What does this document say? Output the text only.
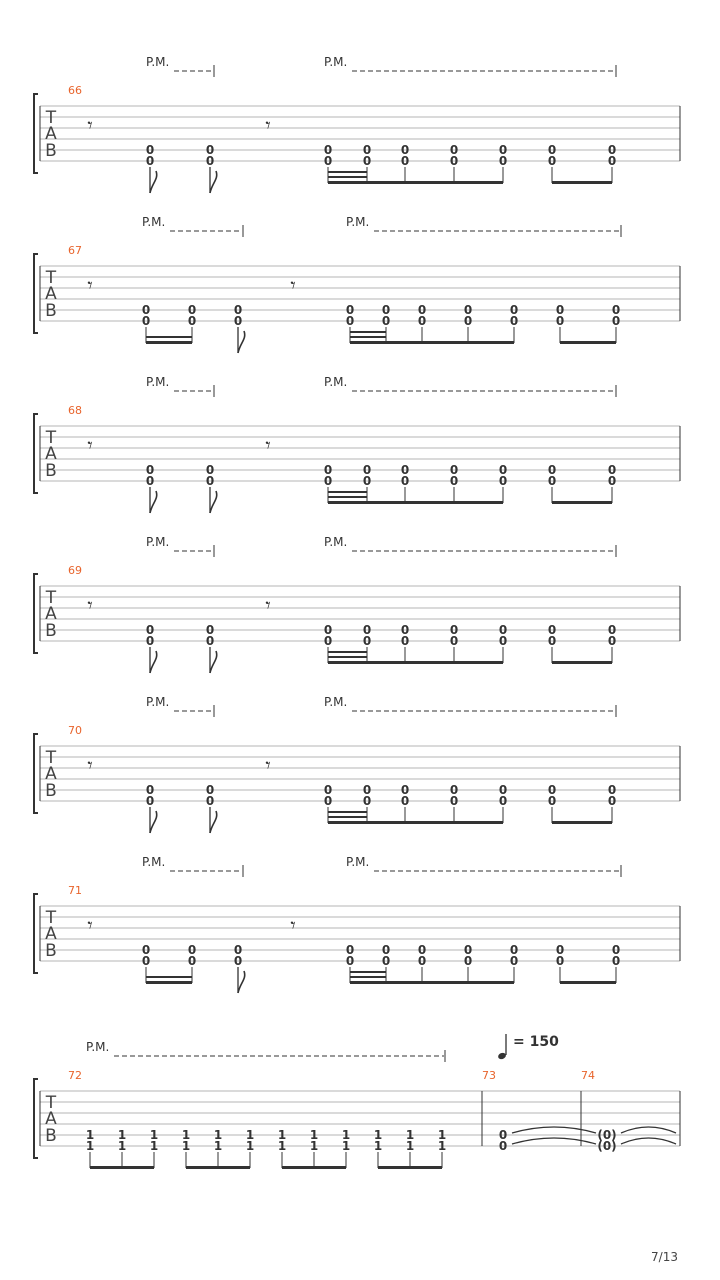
T
A
B
66
P.M.	P.M.
𝄾	𝄾
0
0
0
0
0
0
0
0
0
0
0
0
0
0
0
0
0
0
T
A
B
67
P.M.	P.M.
𝄾	𝄾
0
0
0
0
0
0
0
0
0
0
0
0
0
0
0
0
0
0
0
0
T
A
B
68
P.M.	P.M.
𝄾	𝄾
0
0
0
0
0
0
0
0
0
0
0
0
0
0
0
0
0
0
T
A
B
69
P.M.	P.M.
𝄾	𝄾
0
0
0
0
0
0
0
0
0
0
0
0
0
0
0
0
0
0
T
A
B
70
P.M.	P.M.
𝄾	𝄾
0
0
0
0
0
0
0
0
0
0
0
0
0
0
0
0
0
0
T
A
B
71
P.M.	P.M.
𝄾	𝄾
0
0
0
0
0
0
0
0
0
0
0
0
0
0
0
0
0
0
0
0
T
A
B
72
P.M.	= 150
73	74
1
1
1
1
1
1
1
1
1
1
1
1
1
1
1
1
1
1
1
1
1
1
1
1
0
0
(0)
(0)
7/13
